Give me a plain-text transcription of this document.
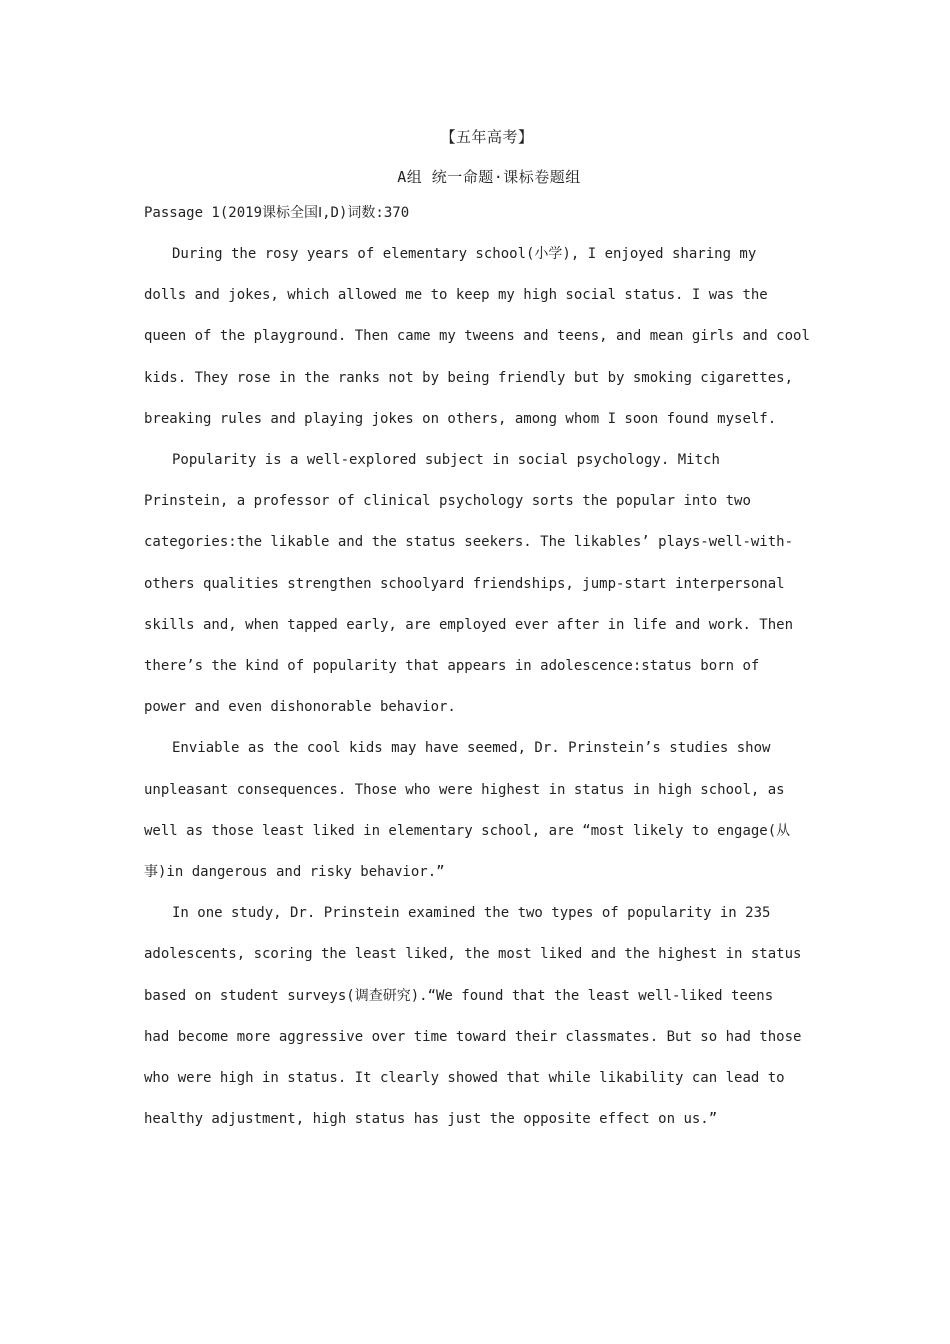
【五年高考】

A组 统一命题·课标卷题组

Passage 1(2019课标全国Ⅰ,D)词数:370

During the rosy years of elementary school(小学), I enjoyed sharing my
dolls and jokes, which allowed me to keep my high social status. I was the
queen of the playground. Then came my tweens and teens, and mean girls and cool
kids. They rose in the ranks not by being friendly but by smoking cigarettes,
breaking rules and playing jokes on others, among whom I soon found myself.

Popularity is a well-explored subject in social psychology. Mitch
Prinstein, a professor of clinical psychology sorts the popular into two
categories:the likable and the status seekers. The likables’ plays-well-with-
others qualities strengthen schoolyard friendships, jump-start interpersonal
skills and, when tapped early, are employed ever after in life and work. Then
there’s the kind of popularity that appears in adolescence:status born of
power and even dishonorable behavior.

Enviable as the cool kids may have seemed, Dr. Prinstein’s studies show
unpleasant consequences. Those who were highest in status in high school, as
well as those least liked in elementary school, are “most likely to engage(从
事)in dangerous and risky behavior.”

In one study, Dr. Prinstein examined the two types of popularity in 235
adolescents, scoring the least liked, the most liked and the highest in status
based on student surveys(调查研究).“We found that the least well-liked teens
had become more aggressive over time toward their classmates. But so had those
who were high in status. It clearly showed that while likability can lead to
healthy adjustment, high status has just the opposite effect on us.”
